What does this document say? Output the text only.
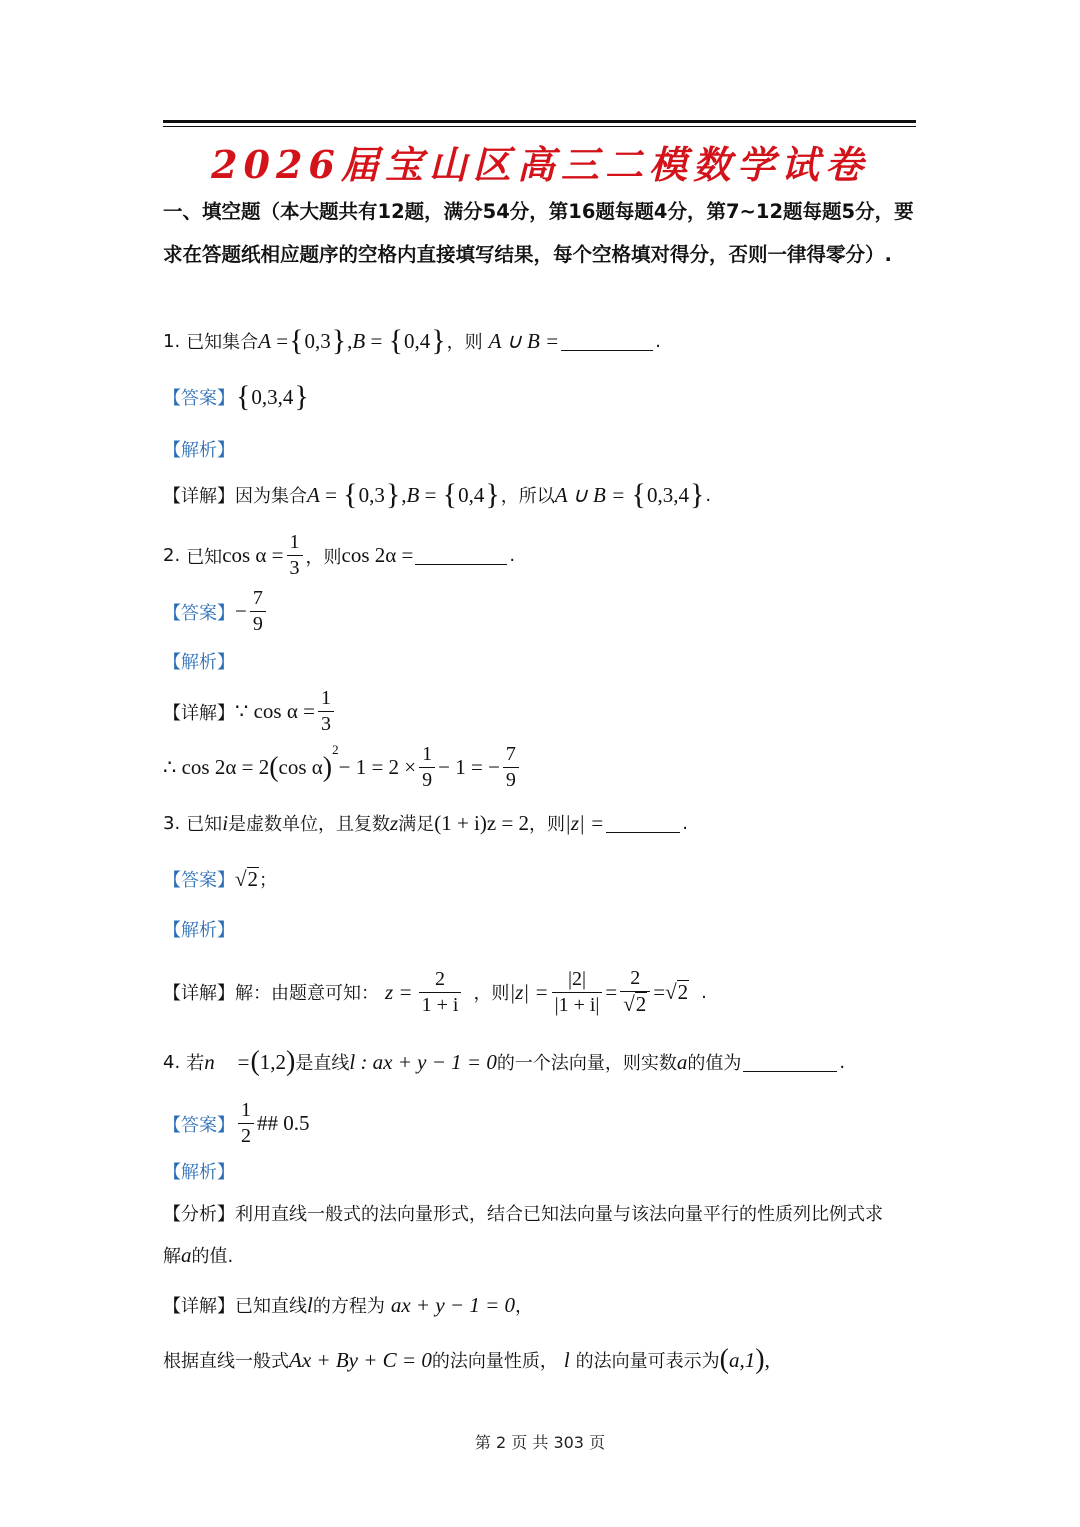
2026届宝山区高三二模数学试卷
一、填空题（本大题共有12题，满分54分，第16题每题4分，第7~12题每题5分，要求在答题纸相应题序的空格内直接填写结果，每个空格填对得分，否则一律得零分）.
1. 已知集合 A
= { 0,3 } , B = { 0,4 } ，则 A ∪ B =	.
【答案】 { 0,3,4 }
【解析】
【详解】 因为集合 A = { 0,3 } , B = { 0,4 } ，所以 A ∪ B =
{ 0,3,4 } .
2. 已知 $\cos \alpha = \frac{1}{3}$ ，则 cos 2α =	.
【答案】 − $\frac{7}{9}$
【解析】
【详解】 ∵ $\cos \alpha = \frac{1}{3}$
∴ cos 2α = 2 ( cos α )
$^2$
− $1 = 2 \times \frac{1}{9} - 1$ = − $\frac{7}{9}$
3. 已知 i 是虚数单位，且复数 z 满足 (1 + i)z = 2 ，则 |z| =	.
【答案】 √ 2 ；
【解析】
【详解】 解：由题意可知： $z = \frac{2}{1 + i}$ ，则 $|z| = \frac{|2|}{|1 + i|} = \frac{2}{√ 2}$ = √ 2 .
4. 若 n⃗ = ( 1,2 ) 是直线 l : ax + y − 1 = 0 的一个法向量，则实数 a 的值为	.
【答案】 $\frac{1}{2}$ ## 0.5
【解析】
【分析】 利用直线一般式的法向量形式，结合已知法向量与该法向量平行的性质列比例式求
解 a 的值.
【详解】 已知直线 l 的方程为 ax + y − 1 = 0 ，
根据直线一般式 Ax + By + C = 0 的法向量性质， l 的法向量可表示为 ( a,1 ) ,
第 2 页 共 303 页
